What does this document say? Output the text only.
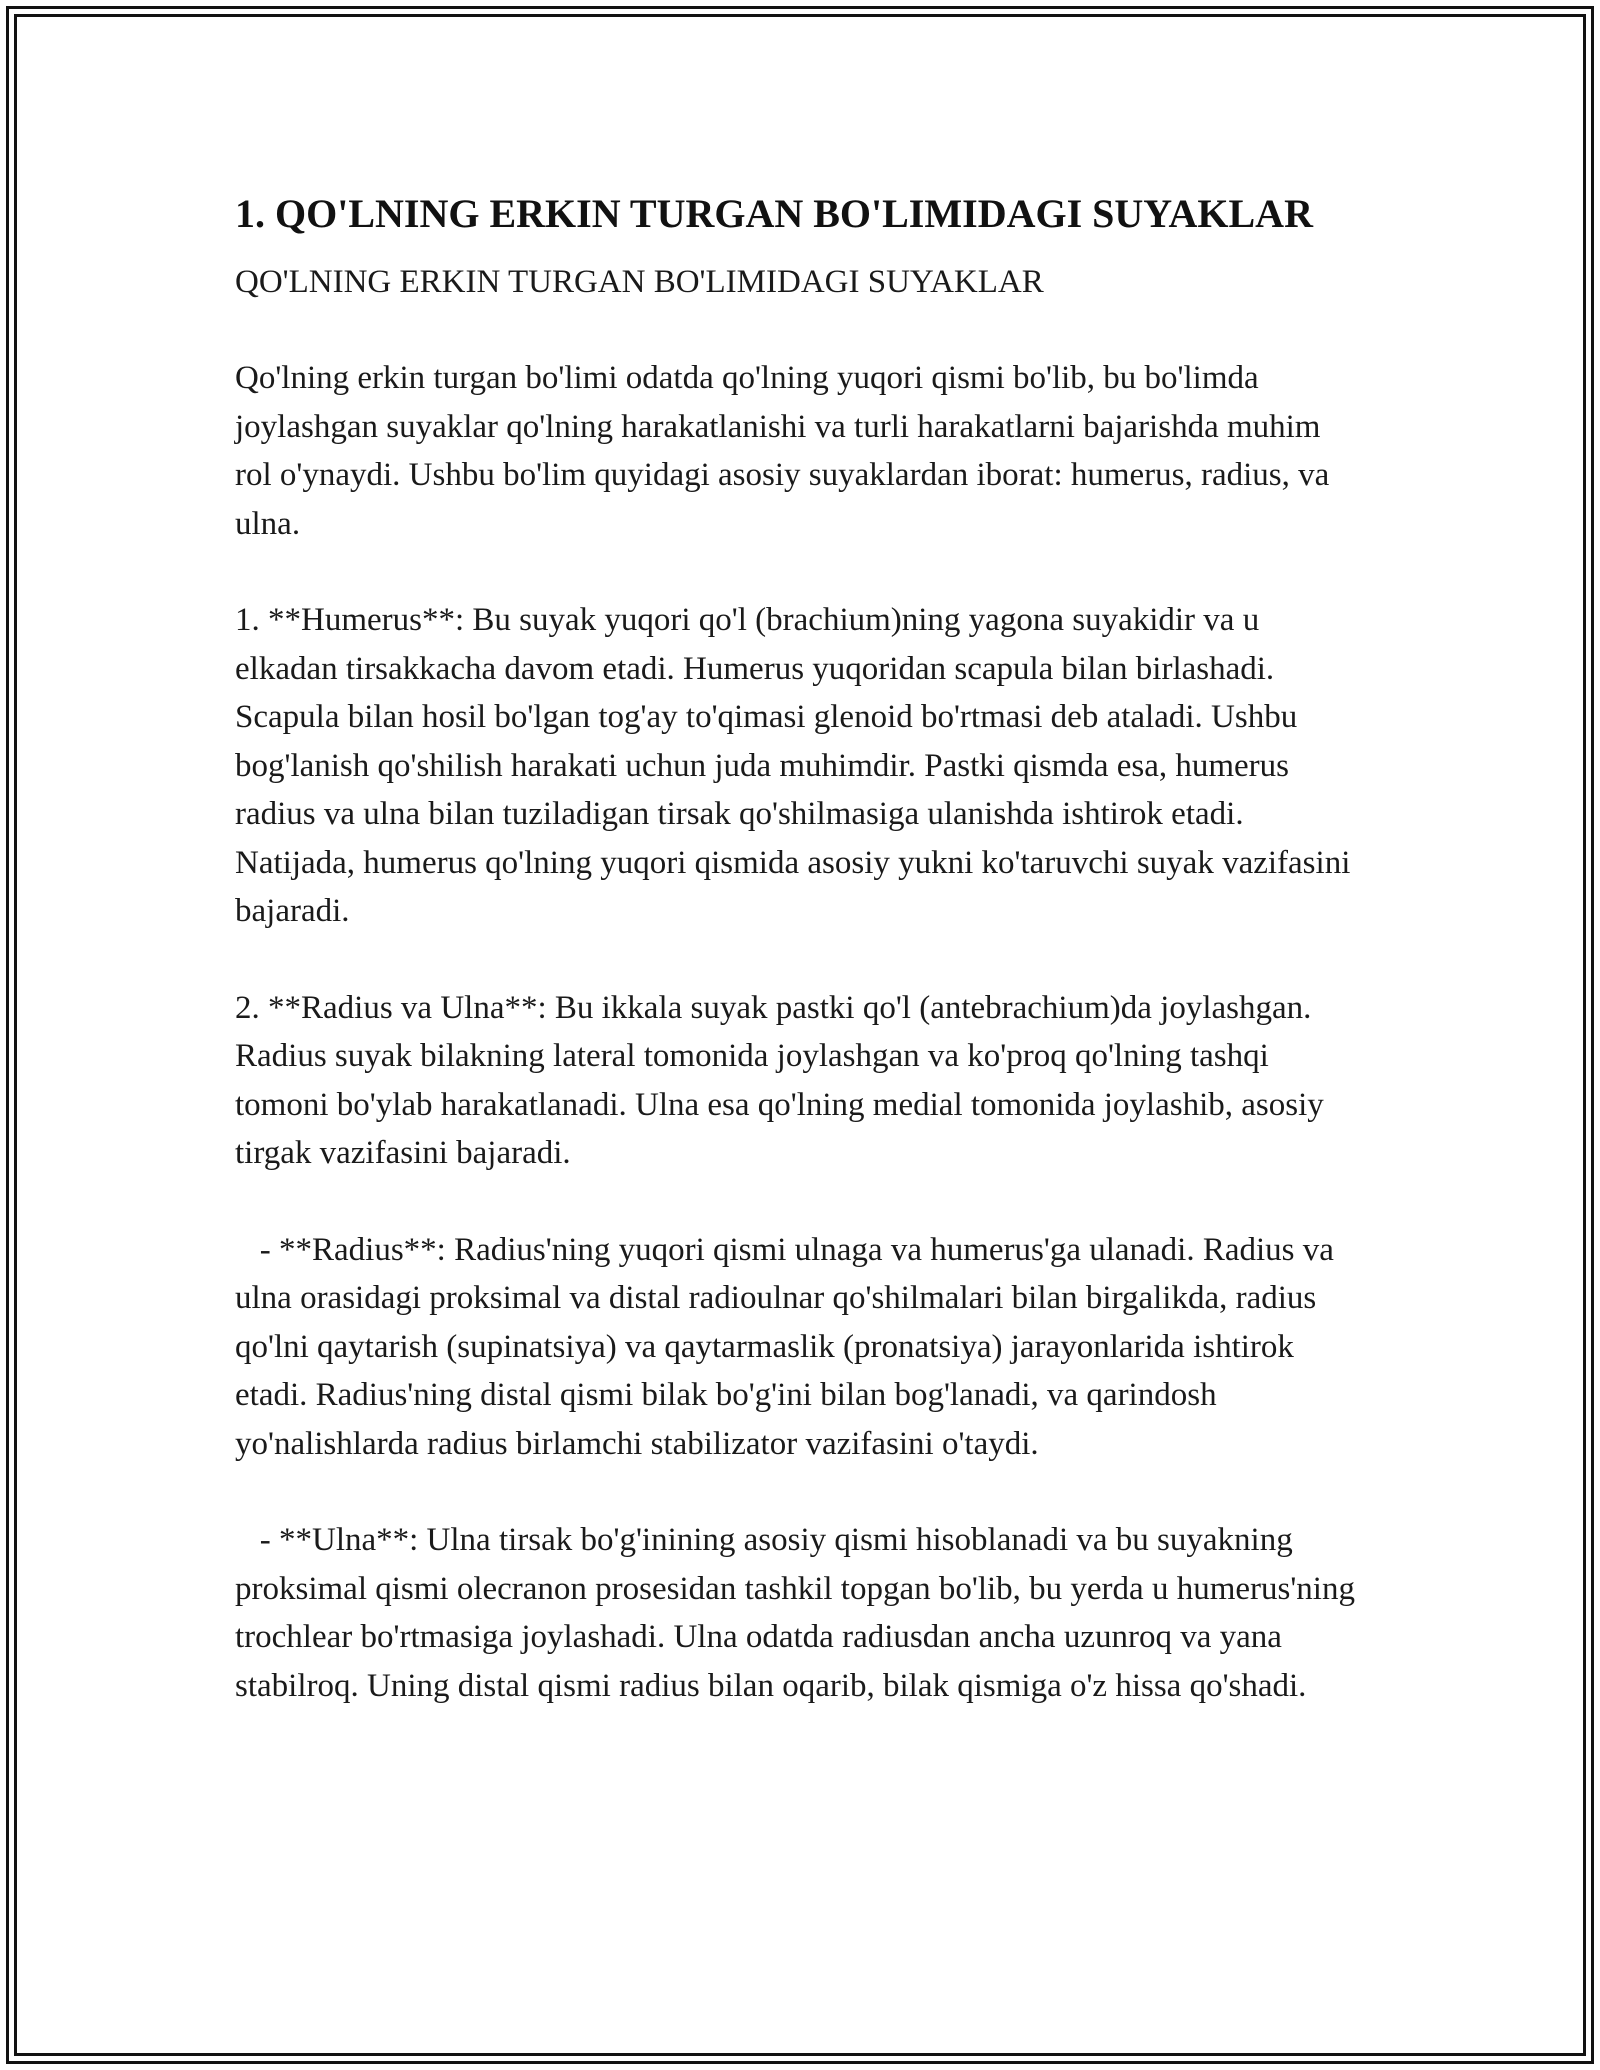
1. QO'LNING ERKIN TURGAN BO'LIMIDAGI SUYAKLAR

QO'LNING ERKIN TURGAN BO'LIMIDAGI SUYAKLAR

Qo'lning erkin turgan bo'limi odatda qo'lning yuqori qismi bo'lib, bu bo'limda joylashgan suyaklar qo'lning harakatlanishi va turli harakatlarni bajarishda muhim rol o'ynaydi. Ushbu bo'lim quyidagi asosiy suyaklardan iborat: humerus, radius, va ulna.

1. **Humerus**: Bu suyak yuqori qo'l (brachium)ning yagona suyakidir va u elkadan tirsakkacha davom etadi. Humerus yuqoridan scapula bilan birlashadi. Scapula bilan hosil bo'lgan tog'ay to'qimasi glenoid bo'rtmasi deb ataladi. Ushbu bog'lanish qo'shilish harakati uchun juda muhimdir. Pastki qismda esa, humerus radius va ulna bilan tuziladigan tirsak qo'shilmasiga ulanishda ishtirok etadi. Natijada, humerus qo'lning yuqori qismida asosiy yukni ko'taruvchi suyak vazifasini bajaradi.

2. **Radius va Ulna**: Bu ikkala suyak pastki qo'l (antebrachium)da joylashgan. Radius suyak bilakning lateral tomonida joylashgan va ko'proq qo'lning tashqi tomoni bo'ylab harakatlanadi. Ulna esa qo'lning medial tomonida joylashib, asosiy tirgak vazifasini bajaradi.

- **Radius**: Radius'ning yuqori qismi ulnaga va humerus'ga ulanadi. Radius va ulna orasidagi proksimal va distal radioulnar qo'shilmalari bilan birgalikda, radius qo'lni qaytarish (supinatsiya) va qaytarmaslik (pronatsiya) jarayonlarida ishtirok etadi. Radius'ning distal qismi bilak bo'g'ini bilan bog'lanadi, va qarindosh yo'nalishlarda radius birlamchi stabilizator vazifasini o'taydi.

- **Ulna**: Ulna tirsak bo'g'inining asosiy qismi hisoblanadi va bu suyakning proksimal qismi olecranon prosesidan tashkil topgan bo'lib, bu yerda u humerus'ning trochlear bo'rtmasiga joylashadi. Ulna odatda radiusdan ancha uzunroq va yana stabilroq. Uning distal qismi radius bilan oqarib, bilak qismiga o'z hissa qo'shadi.
